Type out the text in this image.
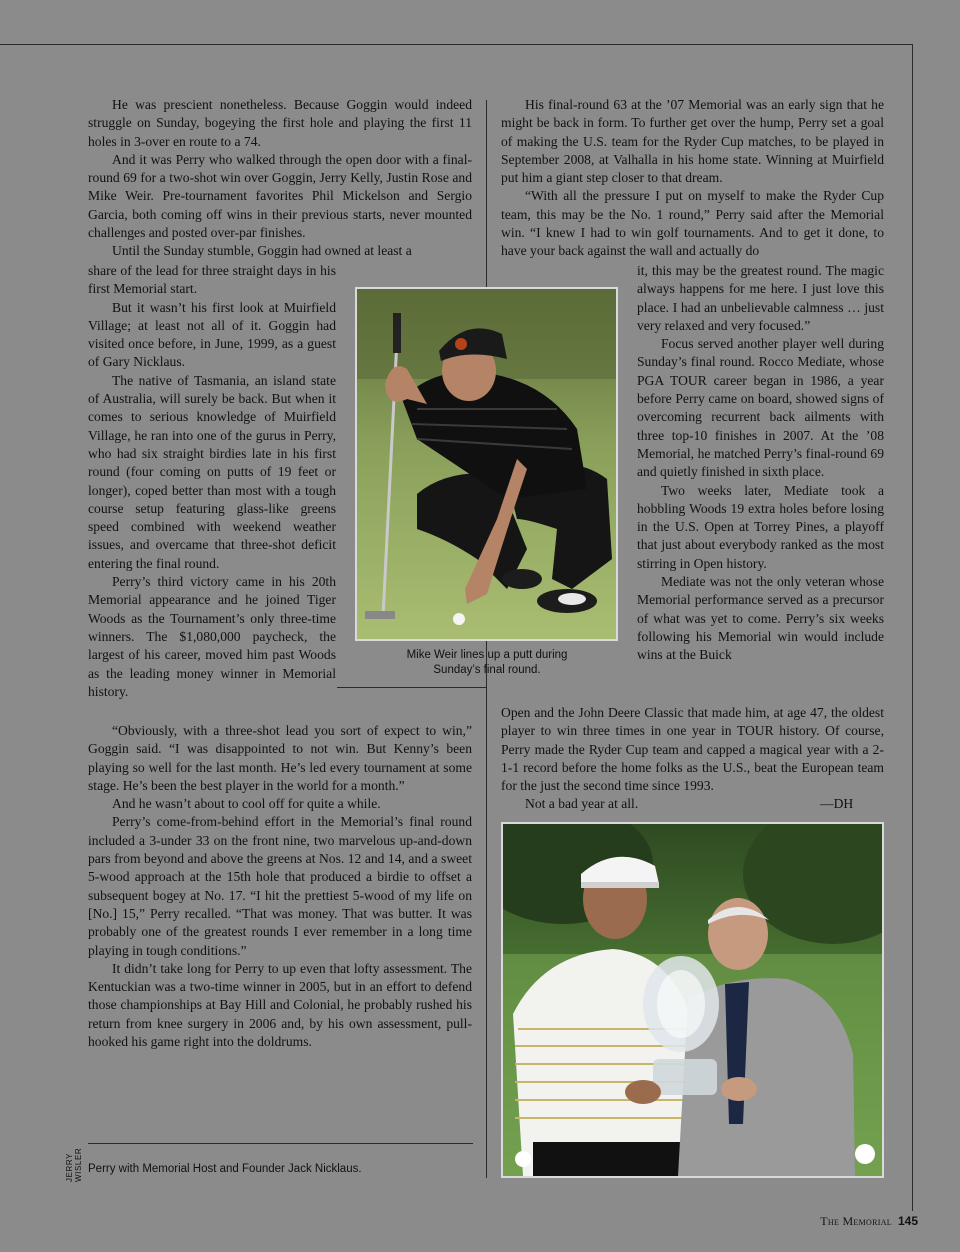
He was prescient nonetheless. Because Goggin would indeed struggle on Sunday, bogeying the first hole and playing the first 11 holes in 3-over en route to a 74.

And it was Perry who walked through the open door with a final-round 69 for a two-shot win over Goggin, Jerry Kelly, Justin Rose and Mike Weir. Pre-tournament favorites Phil Mickelson and Sergio Garcia, both coming off wins in their previous starts, never mounted challenges and posted over-par finishes.

Until the Sunday stumble, Goggin had owned at least a

share of the lead for three straight days in his first Memorial start.

But it wasn’t his first look at Muirfield Village; at least not all of it. Goggin had visited once before, in June, 1999, as a guest of Gary Nicklaus.

The native of Tasmania, an island state of Australia, will surely be back. But when it comes to serious knowledge of Muirfield Village, he ran into one of the gurus in Perry, who had six straight birdies late in his first round (four coming on putts of 19 feet or longer), coped better than most with a tough course setup featuring glass-like greens speed combined with weekend weather issues, and overcame that three-shot deficit entering the final round.

Perry’s third victory came in his 20th Memorial appearance and he joined Tiger Woods as the Tournament’s only three-time winners. The $1,080,000 paycheck, the largest of his career, moved him past Woods as the leading money winner in Memorial history.

“Obviously, with a three-shot lead you sort of expect to win,” Goggin said. “I was disappointed to not win. But Kenny’s been playing so well for the last month. He’s led every tournament at some stage. He’s been the best player in the world for a month.”

And he wasn’t about to cool off for quite a while.

Perry’s come-from-behind effort in the Memorial’s final round included a 3-under 33 on the front nine, two marvelous up-and-down pars from beyond and above the greens at Nos. 12 and 14, and a sweet 5-wood approach at the 15th hole that produced a birdie to offset a subsequent bogey at No. 17. “I hit the prettiest 5-wood of my life on [No.] 15,” Perry recalled. “That was money. That was butter. It was probably one of the greatest rounds I ever remember in a long time playing in tough conditions.”

It didn’t take long for Perry to up even that lofty assessment. The Kentuckian was a two-time winner in 2005, but in an effort to defend those championships at Bay Hill and Colonial, he probably rushed his return from knee surgery in 2006 and, by his own assessment, pull-hooked his game right into the doldrums.

His final-round 63 at the ’07 Memorial was an early sign that he might be back in form. To further get over the hump, Perry set a goal of making the U.S. team for the Ryder Cup matches, to be played in September 2008, at Valhalla in his home state. Winning at Muirfield put him a giant step closer to that dream.

“With all the pressure I put on myself to make the Ryder Cup team, this may be the No. 1 round,” Perry said after the Memorial win. “I knew I had to win golf tournaments. And to get it done, to have your back against the wall and actually do

it, this may be the greatest round. The magic always happens for me here. I just love this place. I had an unbelievable calmness … just very relaxed and very focused.”

Focus served another player well during Sunday’s final round. Rocco Mediate, whose PGA TOUR career began in 1986, a year before Perry came on board, showed signs of overcoming recurrent back ailments with three top-10 finishes in 2007. At the ’08 Memorial, he matched Perry’s final-round 69 and quietly finished in sixth place.

Two weeks later, Mediate took a hobbling Woods 19 extra holes before losing in the U.S. Open at Torrey Pines, a playoff that just about everybody ranked as the most stirring in Open history.

Mediate was not the only veteran whose Memorial performance served as a precursor of what was yet to come. Perry’s six weeks following his Memorial win would include wins at the Buick

Open and the John Deere Classic that made him, at age 47, the oldest player to win three times in one year in TOUR history. Of course, Perry made the Ryder Cup team and capped a magical year with a 2-1-1 record before the home folks as the U.S., beat the European team for the just the second time since 1993.

Not a bad year at all.	—DH
Mike Weir lines up a putt during Sunday’s final round.
Perry with Memorial Host and Founder Jack Nicklaus.
JERRY WISLER
The Memorial 145
